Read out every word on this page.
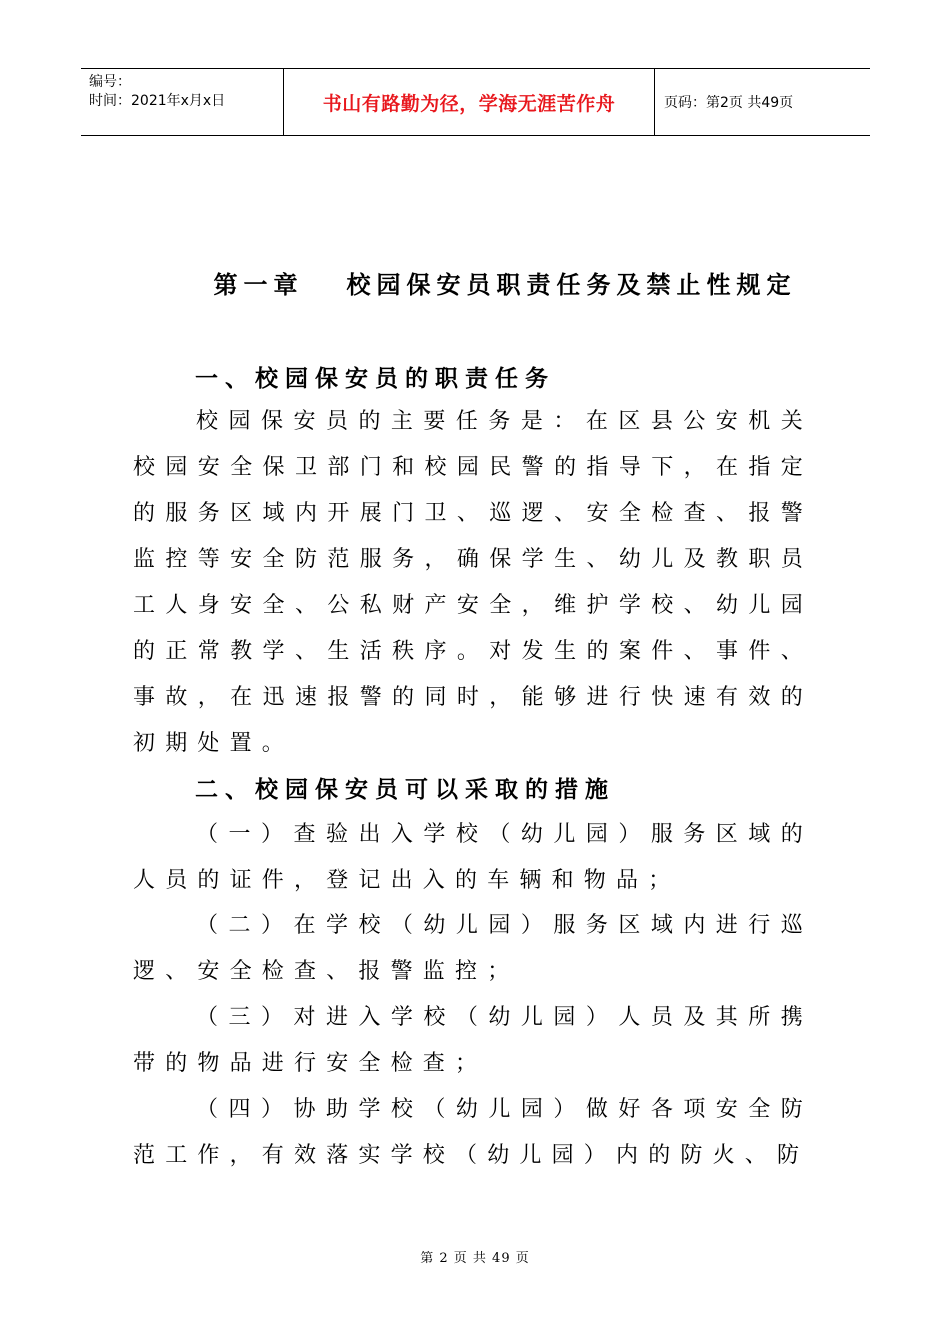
编号：
时间：2021年x月x日	书山有路勤为径，学海无涯苦作舟	页码：第2页 共49页
第一章   校园保安员职责任务及禁止性规定
一、校园保安员的职责任务

校园保安员的主要任务是：在区县公安机关校园安全保卫部门和校园民警的指导下，在指定的服务区域内开展门卫、巡逻、安全检查、报警监控等安全防范服务，确保学生、幼儿及教职员工人身安全、公私财产安全，维护学校、幼儿园的正常教学、生活秩序。对发生的案件、事件、事故，在迅速报警的同时，能够进行快速有效的初期处置。

二、校园保安员可以采取的措施

（一）查验出入学校（幼儿园）服务区域的人员的证件，登记出入的车辆和物品；

（二）在学校（幼儿园）服务区域内进行巡逻、安全检查、报警监控；

（三）对进入学校（幼儿园）人员及其所携带的物品进行安全检查；

（四）协助学校（幼儿园）做好各项安全防范工作，有效落实学校（幼儿园）内的防火、防

第 2 页 共 49 页
